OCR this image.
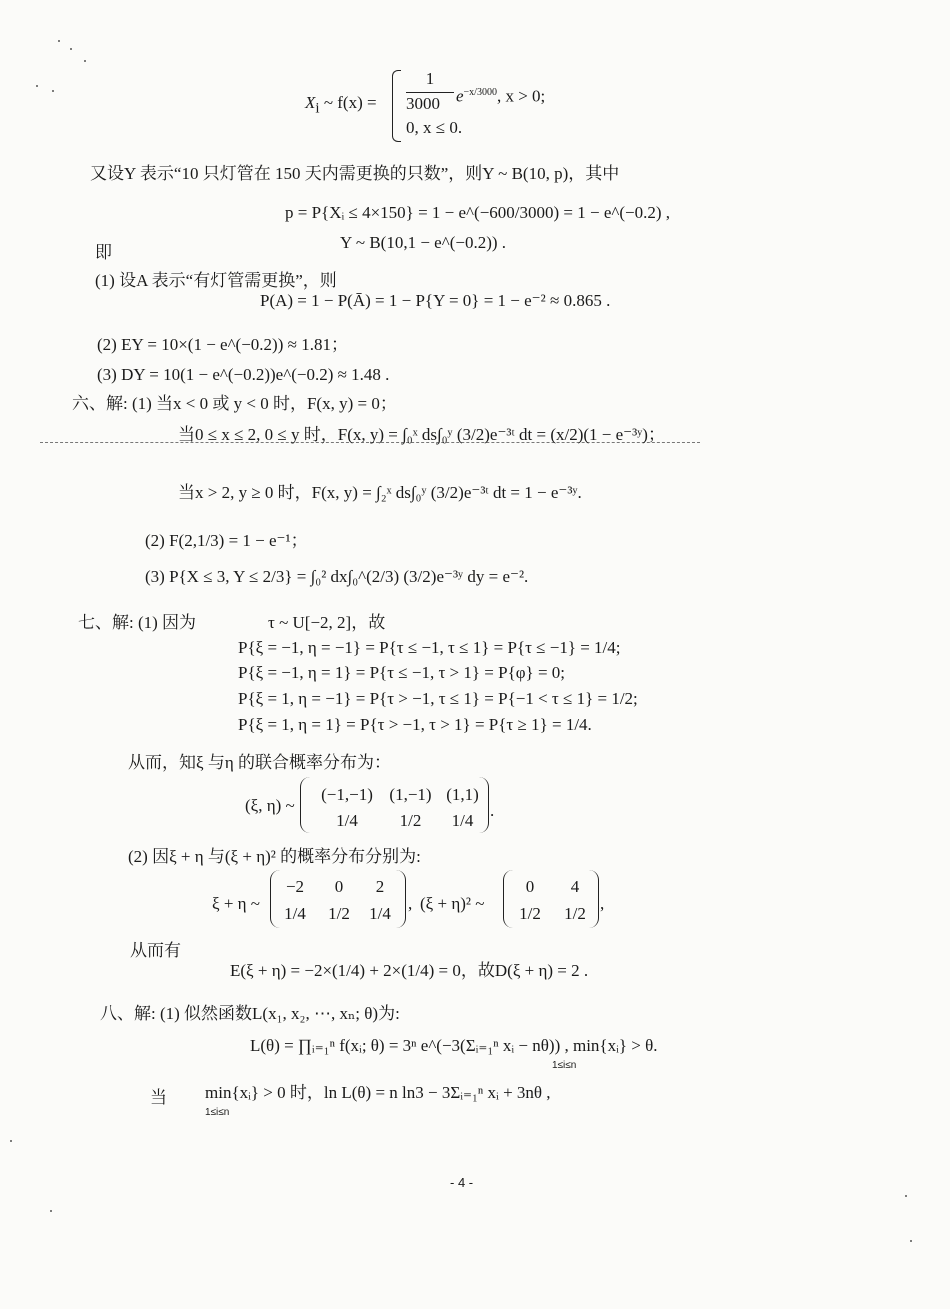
$X_i$ ~ f(x) =
1
3000 $e^{-x/3000}$, x > 0;
0, x ≤ 0.
又设Y 表示“10 只灯管在 150 天内需更换的只数”，则Y ~ B(10, p)，其中
p = P{Xᵢ ≤ 4×150} = 1 − e^(−600/3000) = 1 − e^(−0.2) ,
即
Y ~ B(10,1 − e^(−0.2)) .
(1) 设A 表示“有灯管需更换”，则
P(A) = 1 − P(Ā) = 1 − P{Y = 0} = 1 − e⁻² ≈ 0.865 .
(2) EY = 10×(1 − e^(−0.2)) ≈ 1.81；
(3) DY = 10(1 − e^(−0.2))e^(−0.2) ≈ 1.48 .
六、解: (1) 当x < 0 或 y < 0 时，F(x, y) = 0；
当0 ≤ x ≤ 2, 0 ≤ y 时，F(x, y) = ∫₀ˣ ds∫₀ʸ (3/2)e⁻³ᵗ dt = (x/2)(1 − e⁻³ʸ)；
当x > 2, y ≥ 0 时，F(x, y) = ∫₂ˣ ds∫₀ʸ (3/2)e⁻³ᵗ dt = 1 − e⁻³ʸ.
(2) F(2,1/3) = 1 − e⁻¹；
(3) P{X ≤ 3, Y ≤ 2/3} = ∫₀² dx∫₀^(2/3) (3/2)e⁻³ʸ dy = e⁻².
七、解: (1) 因为	τ ~ U[−2, 2]，故
P{ξ = −1, η = −1} = P{τ ≤ −1, τ ≤ 1} = P{τ ≤ −1} = 1/4;
P{ξ = −1, η = 1} = P{τ ≤ −1, τ > 1} = P{φ} = 0;
P{ξ = 1, η = −1} = P{τ > −1, τ ≤ 1} = P{−1 < τ ≤ 1} = 1/2;
P{ξ = 1, η = 1} = P{τ > −1, τ > 1} = P{τ ≥ 1} = 1/4.
从而，知ξ 与η 的联合概率分布为：
(ξ, η) ~
(−1,−1) (1,−1) (1,1)
1/4	1/2	1/4
.
(2) 因ξ + η 与(ξ + η)² 的概率分布分别为:
ξ + η ~
−2	0	2
1/4	1/2	1/4
, (ξ + η)² ~
0	4
1/2	1/2
,
从而有
E(ξ + η) = −2×(1/4) + 2×(1/4) = 0，故D(ξ + η) = 2 .
八、解: (1) 似然函数L(x₁, x₂, ⋯, xₙ; θ)为:
L(θ) = ∏ᵢ₌₁ⁿ f(xᵢ; θ) = 3ⁿ e^(−3(Σᵢ₌₁ⁿ xᵢ − nθ)) , min{xᵢ} > θ.
1≤i≤n
当 min{xᵢ} > 0 时，ln L(θ) = n ln3 − 3Σᵢ₌₁ⁿ xᵢ + 3nθ ,
1≤i≤n
- 4 -
